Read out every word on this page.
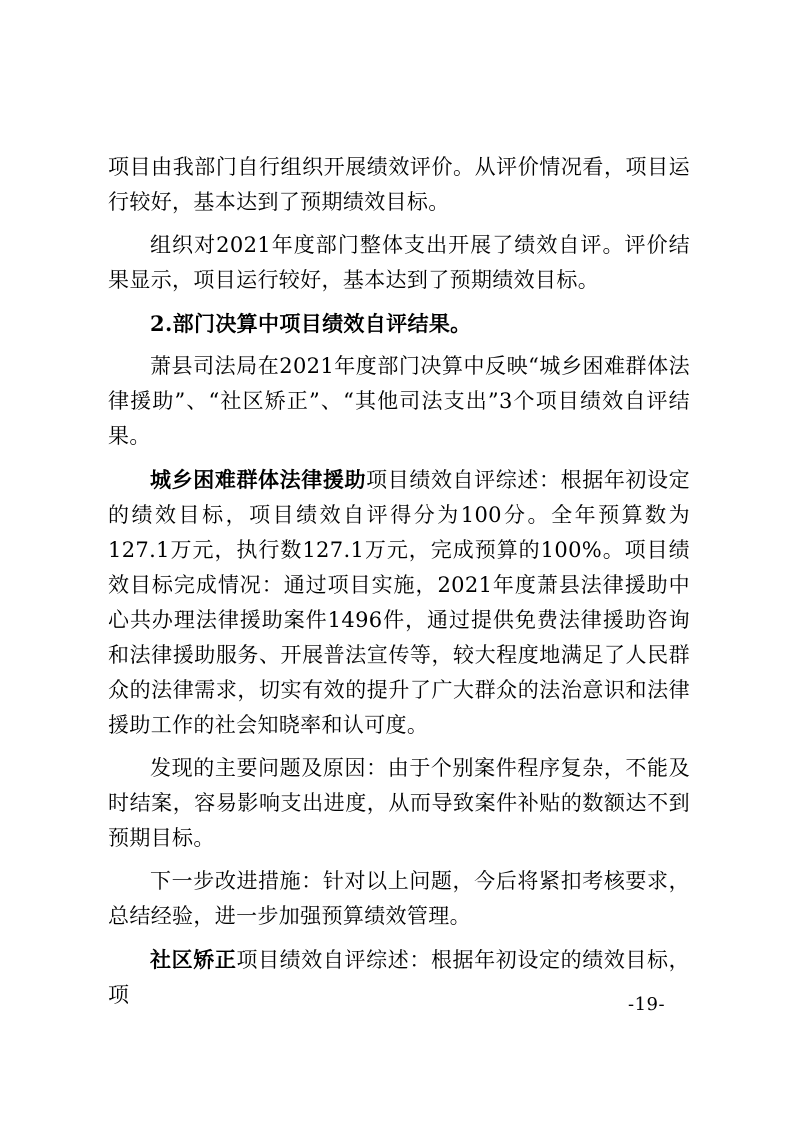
项目由我部门自行组织开展绩效评价。从评价情况看，项目运行较好，基本达到了预期绩效目标。

组织对2021年度部门整体支出开展了绩效自评。评价结果显示，项目运行较好，基本达到了预期绩效目标。

2.部门决算中项目绩效自评结果。

萧县司法局在2021年度部门决算中反映“城乡困难群体法律援助”、“社区矫正”、“其他司法支出”3个项目绩效自评结果。

城乡困难群体法律援助项目绩效自评综述：根据年初设定的绩效目标，项目绩效自评得分为100分。全年预算数为127.1万元，执行数127.1万元，完成预算的100%。项目绩效目标完成情况：通过项目实施，2021年度萧县法律援助中心共办理法律援助案件1496件，通过提供免费法律援助咨询和法律援助服务、开展普法宣传等，较大程度地满足了人民群众的法律需求，切实有效的提升了广大群众的法治意识和法律援助工作的社会知晓率和认可度。

发现的主要问题及原因：由于个别案件程序复杂，不能及时结案，容易影响支出进度，从而导致案件补贴的数额达不到预期目标。

下一步改进措施：针对以上问题，今后将紧扣考核要求，总结经验，进一步加强预算绩效管理。

社区矫正项目绩效自评综述：根据年初设定的绩效目标，项	-19-
